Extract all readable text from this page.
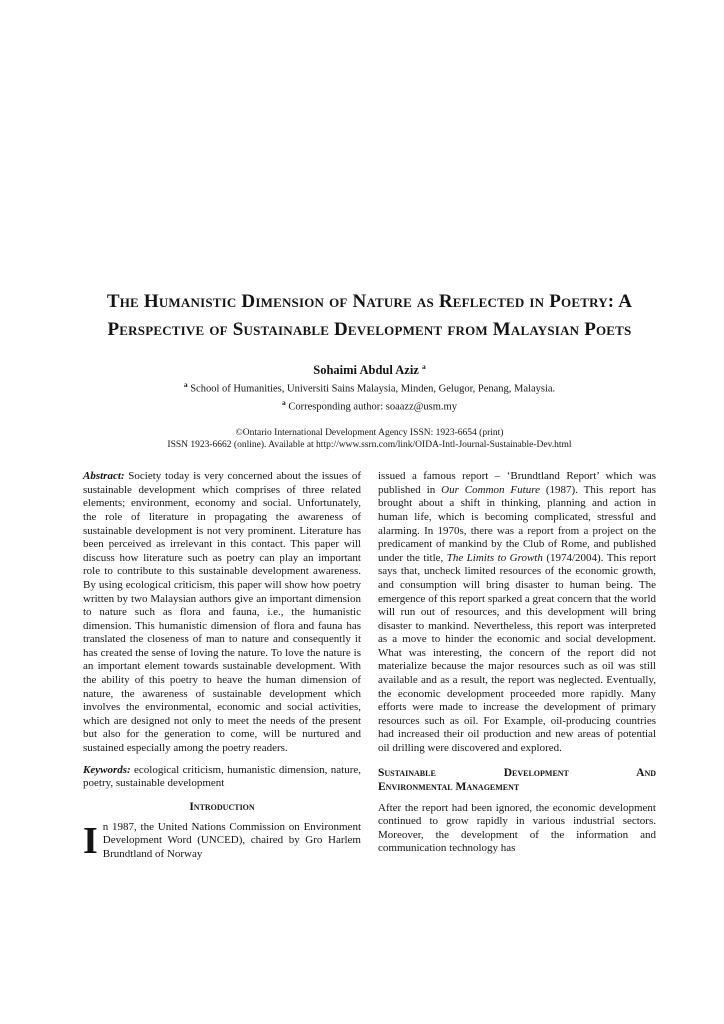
The Humanistic Dimension of Nature as Reflected in Poetry: A Perspective of Sustainable Development from Malaysian Poets
Sohaimi Abdul Aziz $^a$
$^a$ School of Humanities, Universiti Sains Malaysia, Minden, Gelugor, Penang, Malaysia.
$^a$ Corresponding author: soaazz@usm.my
©Ontario International Development Agency ISSN: 1923-6654 (print)
ISSN 1923-6662 (online). Available at http://www.ssrn.com/link/OIDA-Intl-Journal-Sustainable-Dev.html

Abstract: Society today is very concerned about the issues of sustainable development which comprises of three related elements; environment, economy and social. Unfortunately, the role of literature in propagating the awareness of sustainable development is not very prominent. Literature has been perceived as irrelevant in this contact. This paper will discuss how literature such as poetry can play an important role to contribute to this sustainable development awareness. By using ecological criticism, this paper will show how poetry written by two Malaysian authors give an important dimension to nature such as flora and fauna, i.e., the humanistic dimension. This humanistic dimension of flora and fauna has translated the closeness of man to nature and consequently it has created the sense of loving the nature. To love the nature is an important element towards sustainable development. With the ability of this poetry to heave the human dimension of nature, the awareness of sustainable development which involves the environmental, economic and social activities, which are designed not only to meet the needs of the present but also for the generation to come, will be nurtured and sustained especially among the poetry readers.

Keywords: ecological criticism, humanistic dimension, nature, poetry, sustainable development

Introduction

In 1987, the United Nations Commission on Environment Development Word (UNCED), chaired by Gro Harlem Brundtland of Norway

issued a famous report – ‘Brundtland Report’ which was published in Our Common Future (1987). This report has brought about a shift in thinking, planning and action in human life, which is becoming complicated, stressful and alarming. In 1970s, there was a report from a project on the predicament of mankind by the Club of Rome, and published under the title, The Limits to Growth (1974/2004). This report says that, uncheck limited resources of the economic growth, and consumption will bring disaster to human being. The emergence of this report sparked a great concern that the world will run out of resources, and this development will bring disaster to mankind. Nevertheless, this report was interpreted as a move to hinder the economic and social development. What was interesting, the concern of the report did not materialize because the major resources such as oil was still available and as a result, the report was neglected. Eventually, the economic development proceeded more rapidly. Many efforts were made to increase the development of primary resources such as oil. For Example, oil-producing countries had increased their oil production and new areas of potential oil drilling were discovered and explored.

Sustainable Development And
Environmental Management

After the report had been ignored, the economic development continued to grow rapidly in various industrial sectors. Moreover, the development of the information and communication technology has
